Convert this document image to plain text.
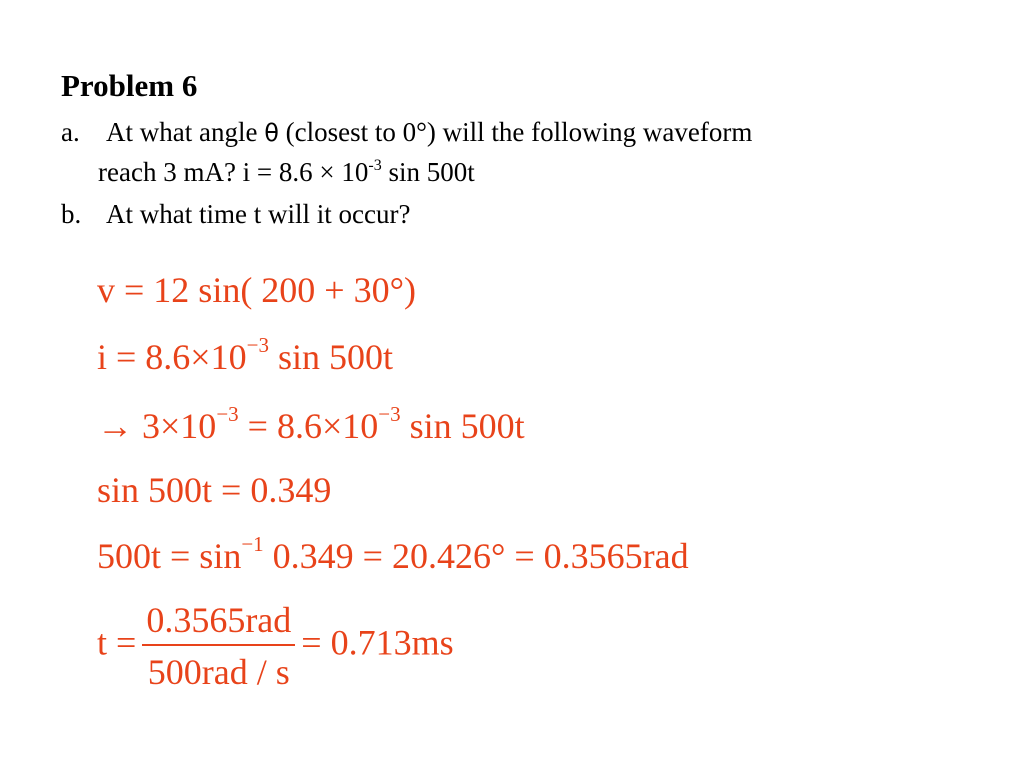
Problem 6
a. At what angle θ (closest to 0°) will the following waveform
reach 3 mA? $i = 8.6 \times 10^{-3}$ sin 500t
b. At what time t will it occur?
v = 12 sin( 200 + 30°)
$i = 8.6\times 10^{-3}$ sin 500t
→ $3\times 10^{-3} = 8.6\times 10^{-3}$ sin 500t
sin 500t = 0.349
$500t = \sin^{-1} 0.349 = 20.426^\circ = 0.3565rad$
$t = \frac{\text{0.3565rad}}{\text{500rad / s}} = 0.713ms$
